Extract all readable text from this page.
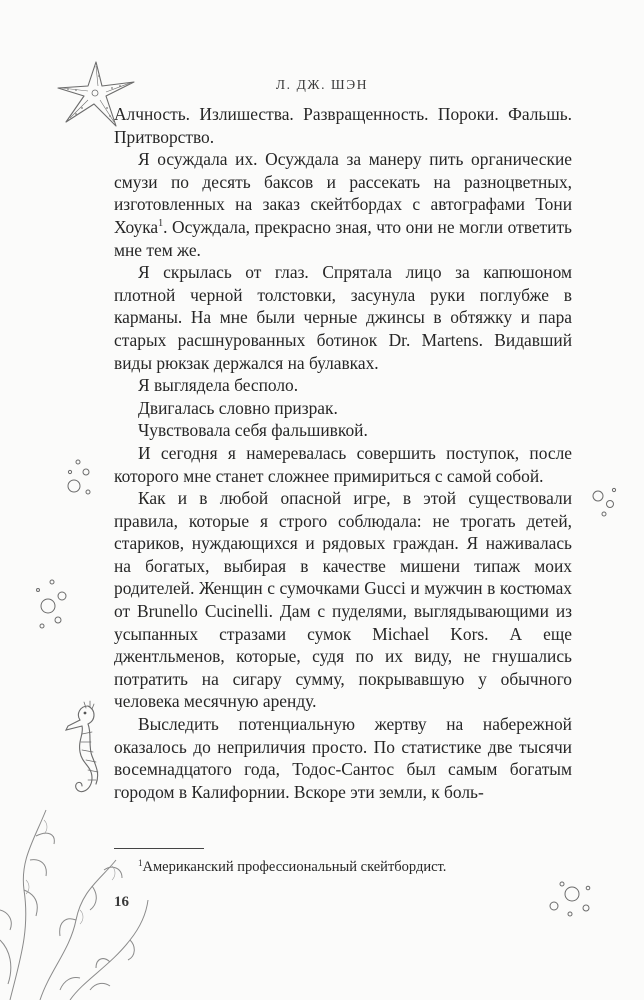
Л. ДЖ. ШЭН

Алчность. Излишества. Развращенность. Пороки. Фальшь. Притворство.

Я осуждала их. Осуждала за манеру пить органические смузи по десять баксов и рассекать на разноцветных, изготовленных на заказ скейтбордах с автографами Тони Хоука$^1$. Осуждала, прекрасно зная, что они не могли ответить мне тем же.

Я скрылась от глаз. Спрятала лицо за капюшоном плотной черной толстовки, засунула руки поглубже в карманы. На мне были черные джинсы в обтяжку и пара старых расшнурованных ботинок Dr. Martens. Видавший виды рюкзак держался на булавках.

Я выглядела бесполо.

Двигалась словно призрак.

Чувствовала себя фальшивкой.

И сегодня я намеревалась совершить поступок, после которого мне станет сложнее примириться с самой собой.

Как и в любой опасной игре, в этой существовали правила, которые я строго соблюдала: не трогать детей, стариков, нуждающихся и рядовых граждан. Я наживалась на богатых, выбирая в качестве мишени типаж моих родителей. Женщин с сумочками Gucci и мужчин в костюмах от Brunello Cucinelli. Дам с пуделями, выглядывающими из усыпанных стразами сумок Michael Kors. А еще джентльменов, которые, судя по их виду, не гнушались потратить на сигару сумму, покрывавшую у обычного человека месячную аренду.

Выследить потенциальную жертву на набережной оказалось до неприличия просто. По статистике две тысячи восемнадцатого года, Тодос-Сантос был самым богатым городом в Калифорнии. Вскоре эти земли, к боль-

$^1$Американский профессиональный скейтбордист.
16
